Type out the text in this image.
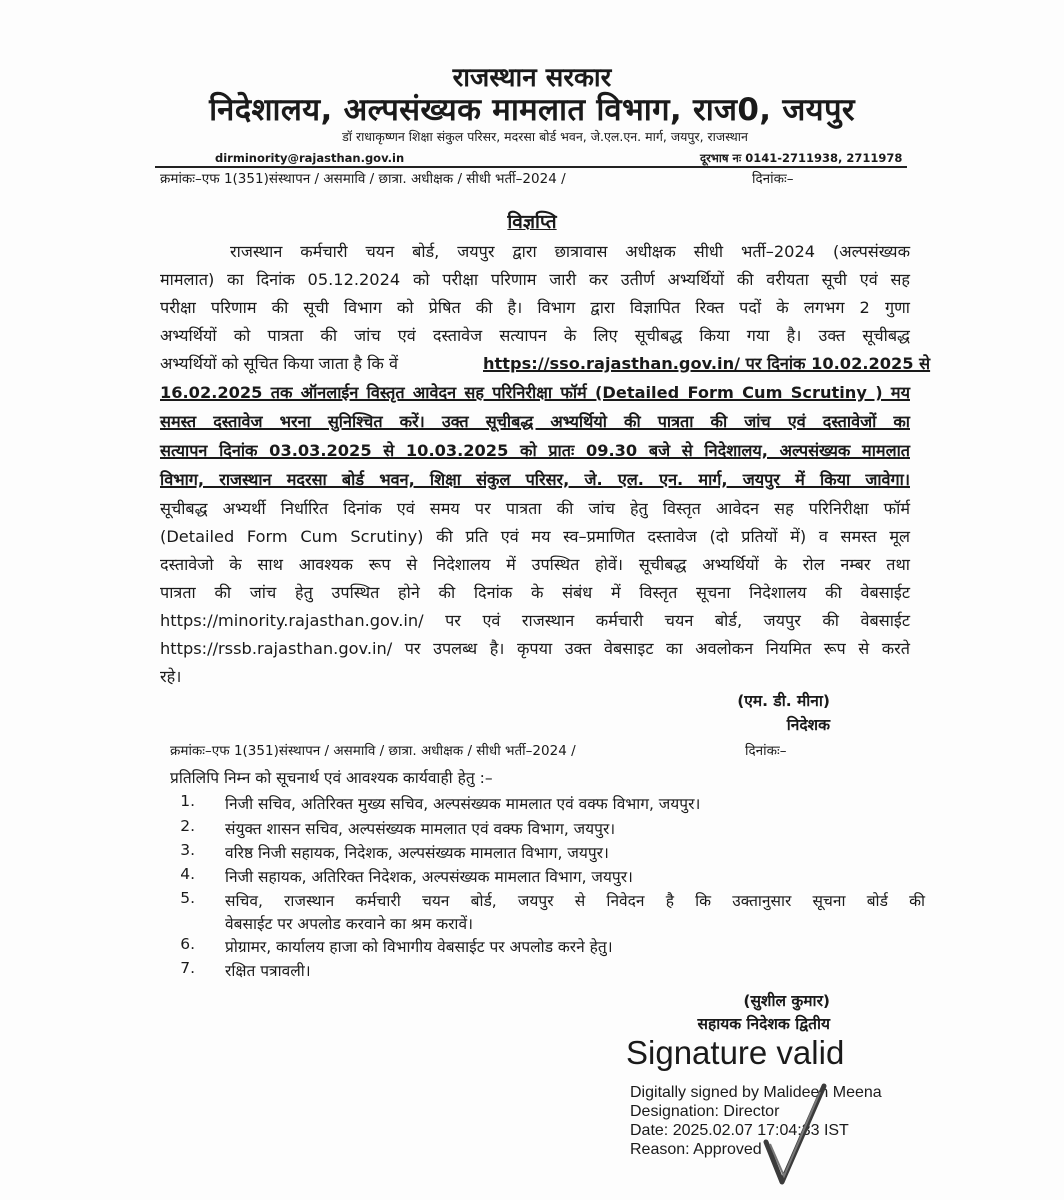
राजस्थान सरकार
निदेशालय, अल्पसंख्यक मामलात विभाग, राज0, जयपुर
डॉ राधाकृष्णन शिक्षा संकुल परिसर, मदरसा बोर्ड भवन, जे.एल.एन. मार्ग, जयपुर, राजस्थान
dirminority@rajasthan.gov.in	दूरभाष नः 0141-2711938, 2711978
क्रमांकः–एफ 1(351)संस्थापन / असमावि / छात्रा. अधीक्षक / सीधी भर्ती–2024 /	दिनांकः–
विज्ञप्ति
राजस्थान कर्मचारी चयन बोर्ड, जयपुर द्वारा छात्रावास अधीक्षक सीधी भर्ती–2024 (अल्पसंख्यक
मामलात) का दिनांक 05.12.2024 को परीक्षा परिणाम जारी कर उतीर्ण अभ्यर्थियों की वरीयता सूची एवं सह
परीक्षा परिणाम की सूची विभाग को प्रेषित की है। विभाग द्वारा विज्ञापित रिक्त पदों के लगभग 2 गुणा
अभ्यर्थियों को पात्रता की जांच एवं दस्तावेज सत्यापन के लिए सूचीबद्ध किया गया है। उक्त सूचीबद्ध
अभ्यर्थियों को सूचित किया जाता है कि वें	https://sso.rajasthan.gov.in/ पर दिनांक 10.02.2025 से
16.02.2025 तक ऑनलाईन विस्तृत आवेदन सह परिनिरीक्षा फॉर्म (Detailed Form Cum Scrutiny ) मय
समस्त दस्तावेज भरना सुनिश्चित करें। उक्त सूचीबद्ध अभ्यर्थियो की पात्रता की जांच एवं दस्तावेजों का
सत्यापन दिनांक 03.03.2025 से 10.03.2025 को प्रातः 09.30 बजे से निदेशालय, अल्पसंख्यक मामलात
विभाग, राजस्थान मदरसा बोर्ड भवन, शिक्षा संकुल परिसर, जे. एल. एन. मार्ग, जयपुर में किया जावेगा।
सूचीबद्ध अभ्यर्थी निर्धारित दिनांक एवं समय पर पात्रता की जांच हेतु विस्तृत आवेदन सह परिनिरीक्षा फॉर्म
(Detailed Form Cum Scrutiny) की प्रति एवं मय स्व–प्रमाणित दस्तावेज (दो प्रतियों में) व समस्त मूल
दस्तावेजो के साथ आवश्यक रूप से निदेशालय में उपस्थित होवें। सूचीबद्ध अभ्यर्थियों के रोल नम्बर तथा
पात्रता की जांच हेतु उपस्थित होने की दिनांक के संबंध में विस्तृत सूचना निदेशालय की वेबसाईट
https://minority.rajasthan.gov.in/ पर एवं राजस्थान कर्मचारी चयन बोर्ड, जयपुर की वेबसाईट
https://rssb.rajasthan.gov.in/ पर उपलब्ध है। कृपया उक्त वेबसाइट का अवलोकन नियमित रूप से करते
रहे।
(एम. डी. मीना)
निदेशक
क्रमांकः–एफ 1(351)संस्थापन / असमावि / छात्रा. अधीक्षक / सीधी भर्ती–2024 /	दिनांकः–
प्रतिलिपि निम्न को सूचनार्थ एवं आवश्यक कार्यवाही हेतु :–
1. निजी सचिव, अतिरिक्त मुख्य सचिव, अल्पसंख्यक मामलात एवं वक्फ विभाग, जयपुर।
2. संयुक्त शासन सचिव, अल्पसंख्यक मामलात एवं वक्फ विभाग, जयपुर।
3. वरिष्ठ निजी सहायक, निदेशक, अल्पसंख्यक मामलात विभाग, जयपुर।
4. निजी सहायक, अतिरिक्त निदेशक, अल्पसंख्यक मामलात विभाग, जयपुर।
5. सचिव, राजस्थान कर्मचारी चयन बोर्ड, जयपुर से निवेदन है कि उक्तानुसार सूचना बोर्ड की
वेबसाईट पर अपलोड करवाने का श्रम करावें।
6. प्रोग्रामर, कार्यालय हाजा को विभागीय वेबसाईट पर अपलोड करने हेतु।
7. रक्षित पत्रावली।
(सुशील कुमार)
सहायक निदेशक द्वितीय
Signature valid
Digitally signed by Malideen Meena
Designation: Director
Date: 2025.02.07 17:04:33 IST
Reason: Approved
